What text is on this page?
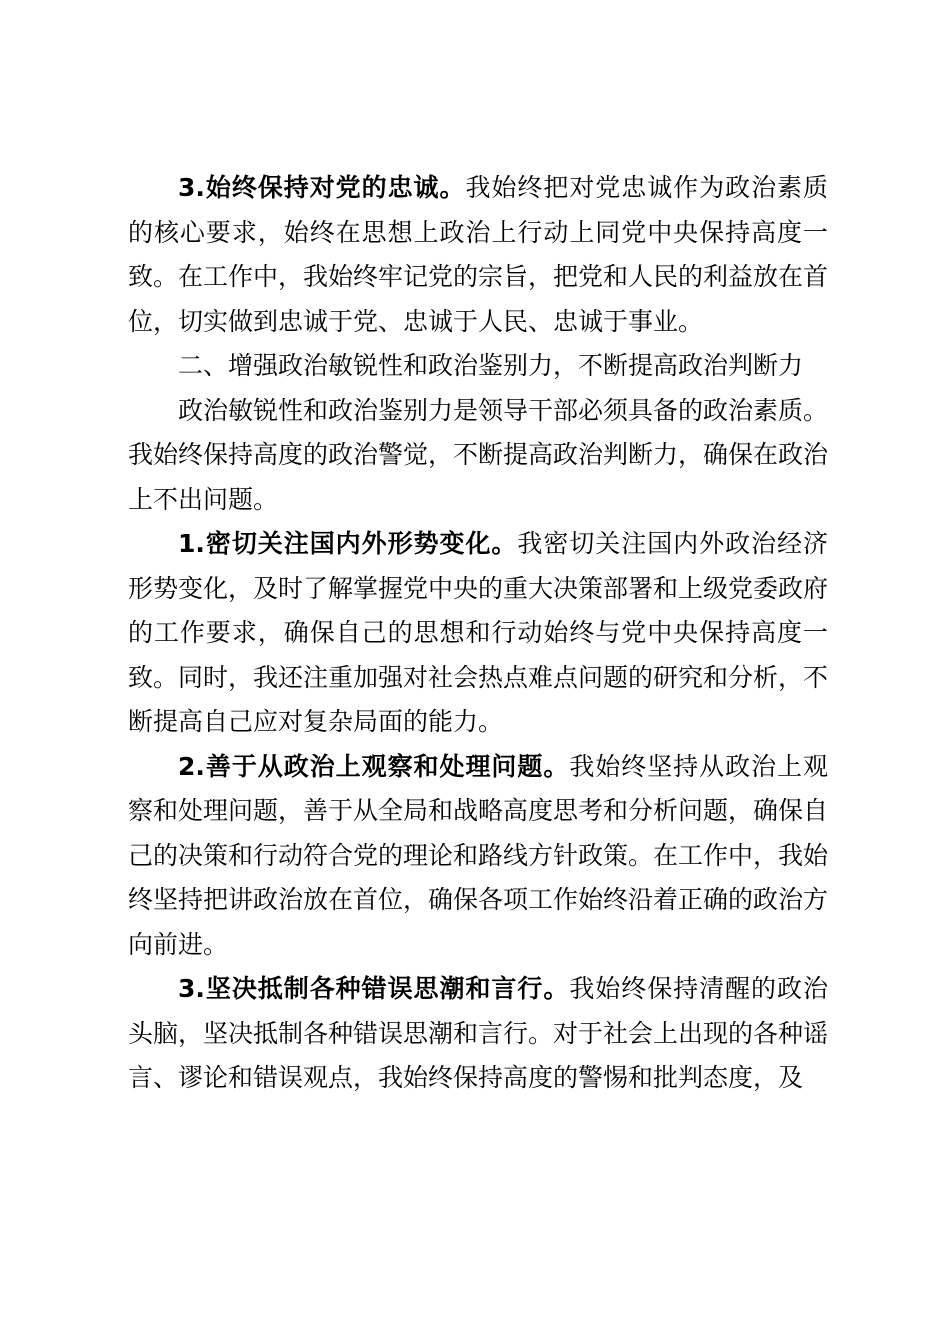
3.始终保持对党的忠诚。我始终把对党忠诚作为政治素质的核心要求，始终在思想上政治上行动上同党中央保持高度一致。在工作中，我始终牢记党的宗旨，把党和人民的利益放在首位，切实做到忠诚于党、忠诚于人民、忠诚于事业。

二、增强政治敏锐性和政治鉴别力，不断提高政治判断力

政治敏锐性和政治鉴别力是领导干部必须具备的政治素质。我始终保持高度的政治警觉，不断提高政治判断力，确保在政治上不出问题。

1.密切关注国内外形势变化。我密切关注国内外政治经济形势变化，及时了解掌握党中央的重大决策部署和上级党委政府的工作要求，确保自己的思想和行动始终与党中央保持高度一致。同时，我还注重加强对社会热点难点问题的研究和分析，不断提高自己应对复杂局面的能力。

2.善于从政治上观察和处理问题。我始终坚持从政治上观察和处理问题，善于从全局和战略高度思考和分析问题，确保自己的决策和行动符合党的理论和路线方针政策。在工作中，我始终坚持把讲政治放在首位，确保各项工作始终沿着正确的政治方向前进。

3.坚决抵制各种错误思潮和言行。我始终保持清醒的政治头脑，坚决抵制各种错误思潮和言行。对于社会上出现的各种谣言、谬论和错误观点，我始终保持高度的警惕和批判态度，及
